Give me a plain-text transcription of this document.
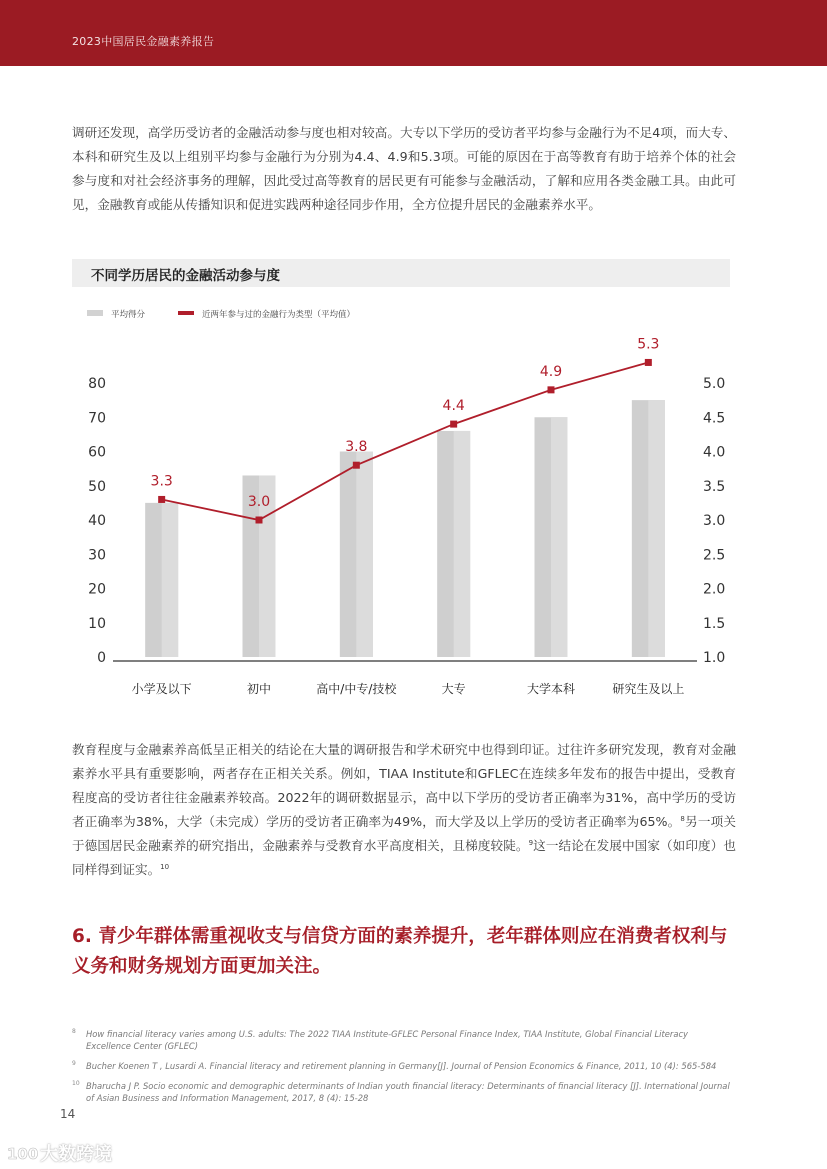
2023中国居民金融素养报告
调研还发现，高学历受访者的金融活动参与度也相对较高。大专以下学历的受访者平均参与金融行为不足4项，而大专、本科和研究生及以上组别平均参与金融行为分别为4.4、4.9和5.3项。可能的原因在于高等教育有助于培养个体的社会参与度和对社会经济事务的理解，因此受过高等教育的居民更有可能参与金融活动，了解和应用各类金融工具。由此可见，金融教育或能从传播知识和促进实践两种途径同步作用，全方位提升居民的金融素养水平。
不同学历居民的金融活动参与度
平均得分	近两年参与过的金融行为类型（平均值）
0
10
20
30
40
50
60
70
80
1.0
1.5
2.0
2.5
3.0
3.5
4.0
4.5
5.0
小学及以下	初中	高中/中专/技校	大专	大学本科	研究生及以上
3.3
3.0
3.8
4.4
4.9
5.3
教育程度与金融素养高低呈正相关的结论在大量的调研报告和学术研究中也得到印证。过往许多研究发现，教育对金融素养水平具有重要影响，两者存在正相关关系。例如，TIAA Institute和GFLEC在连续多年发布的报告中提出，受教育程度高的受访者往往金融素养较高。2022年的调研数据显示，高中以下学历的受访者正确率为31%，高中学历的受访者正确率为38%，大学（未完成）学历的受访者正确率为49%，而大学及以上学历的受访者正确率为65%。$^8$另一项关于德国居民金融素养的研究指出，金融素养与受教育水平高度相关，且梯度较陡。$^9$这一结论在发展中国家（如印度）也同样得到证实。$^{10}$
6. 青少年群体需重视收支与信贷方面的素养提升，老年群体则应在消费者权利与义务和财务规划方面更加关注。
8 How financial literacy varies among U.S. adults: The 2022 TIAA Institute-GFLEC Personal Finance Index, TIAA Institute, Global Financial Literacy Excellence Center (GFLEC)
9 Bucher Koenen T , Lusardi A. Financial literacy and retirement planning in Germany[J]. Journal of Pension Economics & Finance, 2011, 10 (4): 565-584
10 Bharucha J P. Socio economic and demographic determinants of Indian youth financial literacy: Determinants of financial literacy [J]. International Journal of Asian Business and Information Management, 2017, 8 (4): 15-28
14
100 大数跨境
